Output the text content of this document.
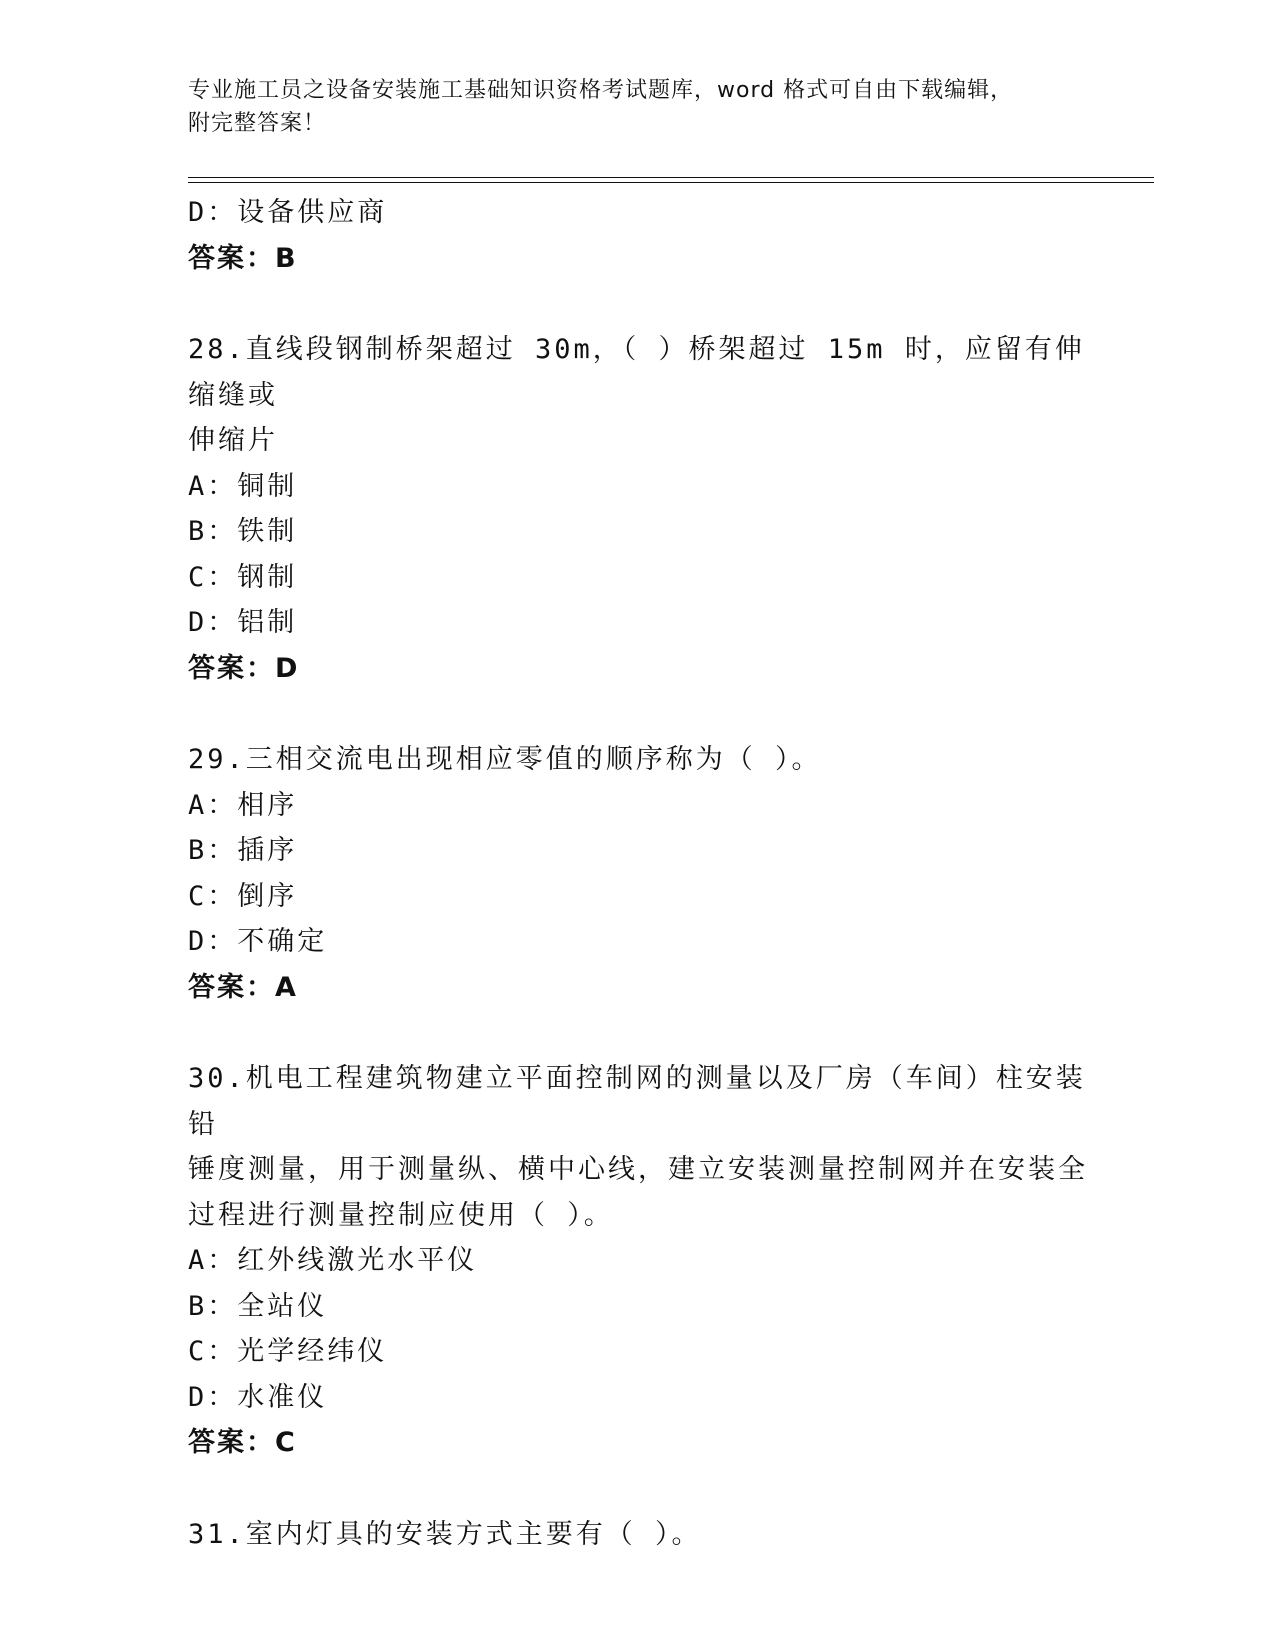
专业施工员之设备安装施工基础知识资格考试题库，word 格式可自由下载编辑，
附完整答案！
D：设备供应商
答案：B
28.直线段钢制桥架超过 30m，（ ）桥架超过 15m 时，应留有伸缩缝或
伸缩片
A：铜制
B：铁制
C：钢制
D：铝制
答案：D
29.三相交流电出现相应零值的顺序称为（ ）。
A：相序
B：插序
C：倒序
D：不确定
答案：A
30.机电工程建筑物建立平面控制网的测量以及厂房（车间）柱安装铅
锤度测量，用于测量纵、横中心线，建立安装测量控制网并在安装全
过程进行测量控制应使用（ ）。
A：红外线激光水平仪
B：全站仪
C：光学经纬仪
D：水准仪
答案：C
31.室内灯具的安装方式主要有（ ）。
